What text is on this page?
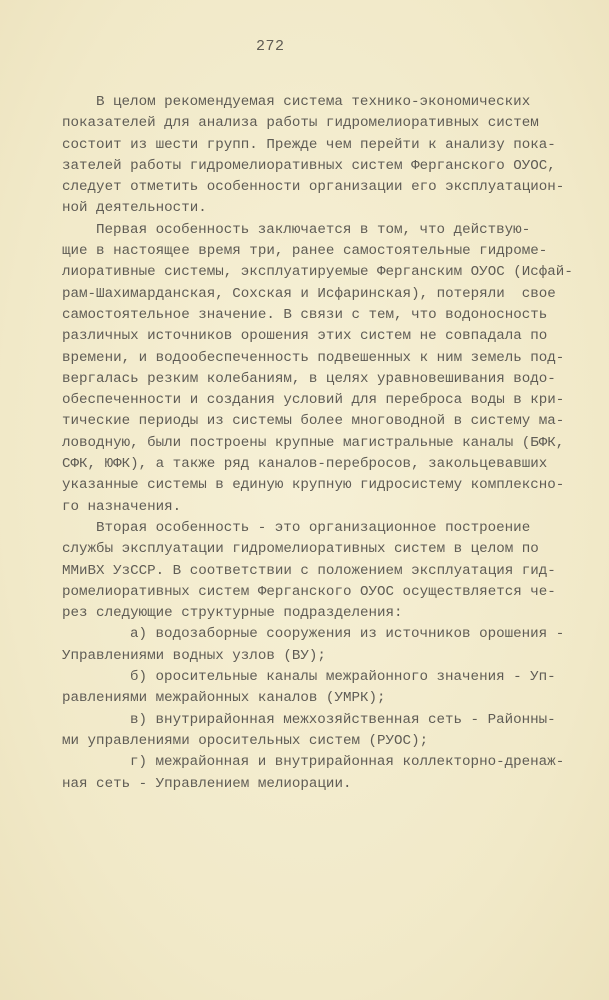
272
В целом рекомендуемая система технико-экономических
показателей для анализа работы гидромелиоративных систем
состоит из шести групп. Прежде чем перейти к анализу пока-
зателей работы гидромелиоративных систем Ферганского ОУОС,
следует отметить особенности организации его эксплуатацион-
ной деятельности.
Первая особенность заключается в том, что действую-
щие в настоящее время три, ранее самостоятельные гидроме-
лиоративные системы, эксплуатируемые Ферганским ОУОС (Исфай-
рам-Шахимарданская, Сохская и Исфаринская), потеряли  свое
самостоятельное значение. В связи с тем, что водоносность
различных источников орошения этих систем не совпадала по
времени, и водообеспеченность подвешенных к ним земель под-
вергалась резким колебаниям, в целях уравновешивания водо-
обеспеченности и создания условий для переброса воды в кри-
тические периоды из системы более многоводной в систему ма-
ловодную, были построены крупные магистральные каналы (БФК,
СФК, ЮФК), а также ряд каналов-перебросов, закольцевавших
указанные системы в единую крупную гидросистему комплексно-
го назначения.
Вторая особенность - это организационное построение
службы эксплуатации гидромелиоративных систем в целом по
ММиВХ УзССР. В соответствии с положением эксплуатация гид-
ромелиоративных систем Ферганского ОУОС осуществляется че-
рез следующие структурные подразделения:
а) водозаборные сооружения из источников орошения -
Управлениями водных узлов (ВУ);
б) оросительные каналы межрайонного значения - Уп-
равлениями межрайонных каналов (УМРК);
в) внутрирайонная межхозяйственная сеть - Районны-
ми управлениями оросительных систем (РУОС);
г) межрайонная и внутрирайонная коллекторно-дренаж-
ная сеть - Управлением мелиорации.
